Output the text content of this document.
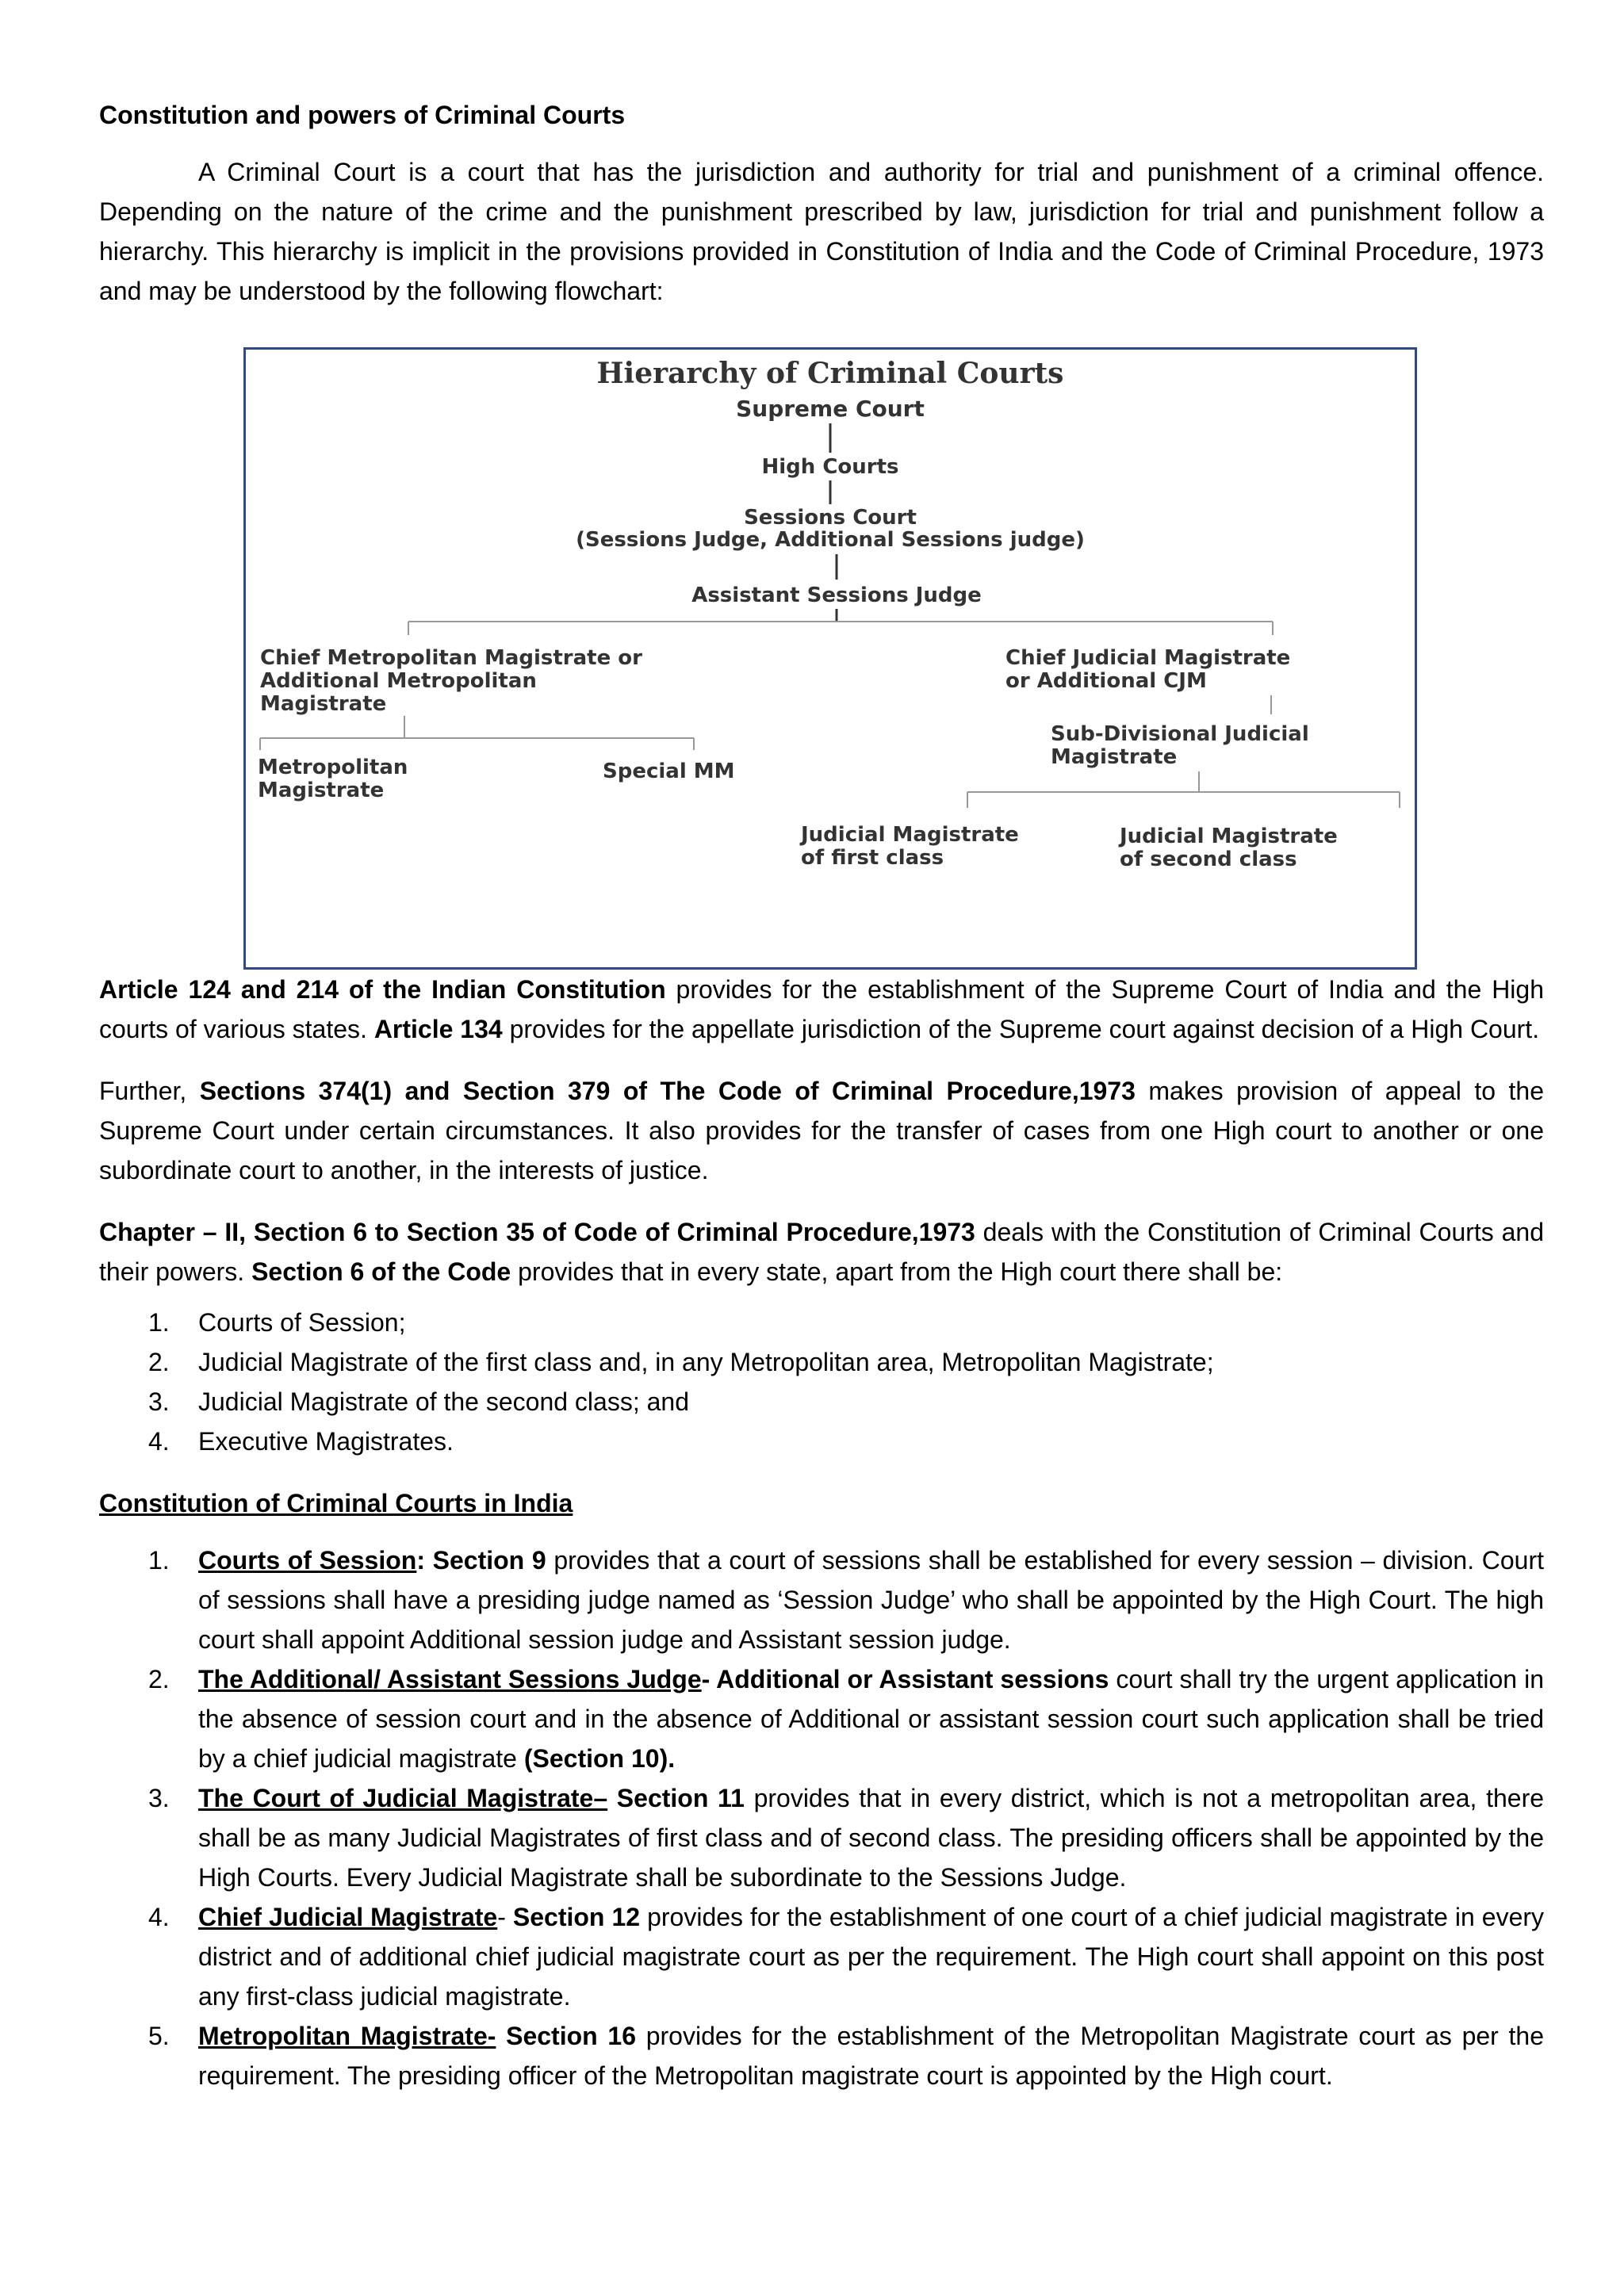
Constitution and powers of Criminal Courts

A Criminal Court is a court that has the jurisdiction and authority for trial and punishment of a criminal offence. Depending on the nature of the crime and the punishment prescribed by law, jurisdiction for trial and punishment follow a hierarchy. This hierarchy is implicit in the provisions provided in Constitution of India and the Code of Criminal Procedure, 1973 and may be understood by the following flowchart:

Hierarchy of Criminal Courts
Supreme Court
High Courts
Sessions Court
(Sessions Judge, Additional Sessions judge)
Assistant Sessions Judge
Chief Metropolitan Magistrate or
Additional Metropolitan
Magistrate
Metropolitan
Magistrate
Special MM
Chief Judicial Magistrate
or Additional CJM
Sub-Divisional Judicial
Magistrate
Judicial Magistrate
of first class
Judicial Magistrate
of second class

Article 124 and 214 of the Indian Constitution provides for the establishment of the Supreme Court of India and the High courts of various states. Article 134 provides for the appellate jurisdiction of the Supreme court against decision of a High Court.

Further, Sections 374(1) and Section 379 of The Code of Criminal Procedure,1973 makes provision of appeal to the Supreme Court under certain circumstances. It also provides for the transfer of cases from one High court to another or one subordinate court to another, in the interests of justice.

Chapter – II, Section 6 to Section 35 of Code of Criminal Procedure,1973 deals with the Constitution of Criminal Courts and their powers. Section 6 of the Code provides that in every state, apart from the High court there shall be:

1. Courts of Session;
2. Judicial Magistrate of the first class and, in any Metropolitan area, Metropolitan Magistrate;
3. Judicial Magistrate of the second class; and
4. Executive Magistrates.
Constitution of Criminal Courts in India
1. Courts of Session: Section 9 provides that a court of sessions shall be established for every session – division. Court of sessions shall have a presiding judge named as ‘Session Judge’ who shall be appointed by the High Court. The high court shall appoint Additional session judge and Assistant session judge.
2. The Additional/ Assistant Sessions Judge- Additional or Assistant sessions court shall try the urgent application in the absence of session court and in the absence of Additional or assistant session court such application shall be tried by a chief judicial magistrate (Section 10).
3. The Court of Judicial Magistrate– Section 11 provides that in every district, which is not a metropolitan area, there shall be as many Judicial Magistrates of first class and of second class. The presiding officers shall be appointed by the High Courts. Every Judicial Magistrate shall be subordinate to the Sessions Judge.
4. Chief Judicial Magistrate- Section 12 provides for the establishment of one court of a chief judicial magistrate in every district and of additional chief judicial magistrate court as per the requirement. The High court shall appoint on this post any first-class judicial magistrate.
5. Metropolitan Magistrate- Section 16 provides for the establishment of the Metropolitan Magistrate court as per the requirement. The presiding officer of the Metropolitan magistrate court is appointed by the High court.
